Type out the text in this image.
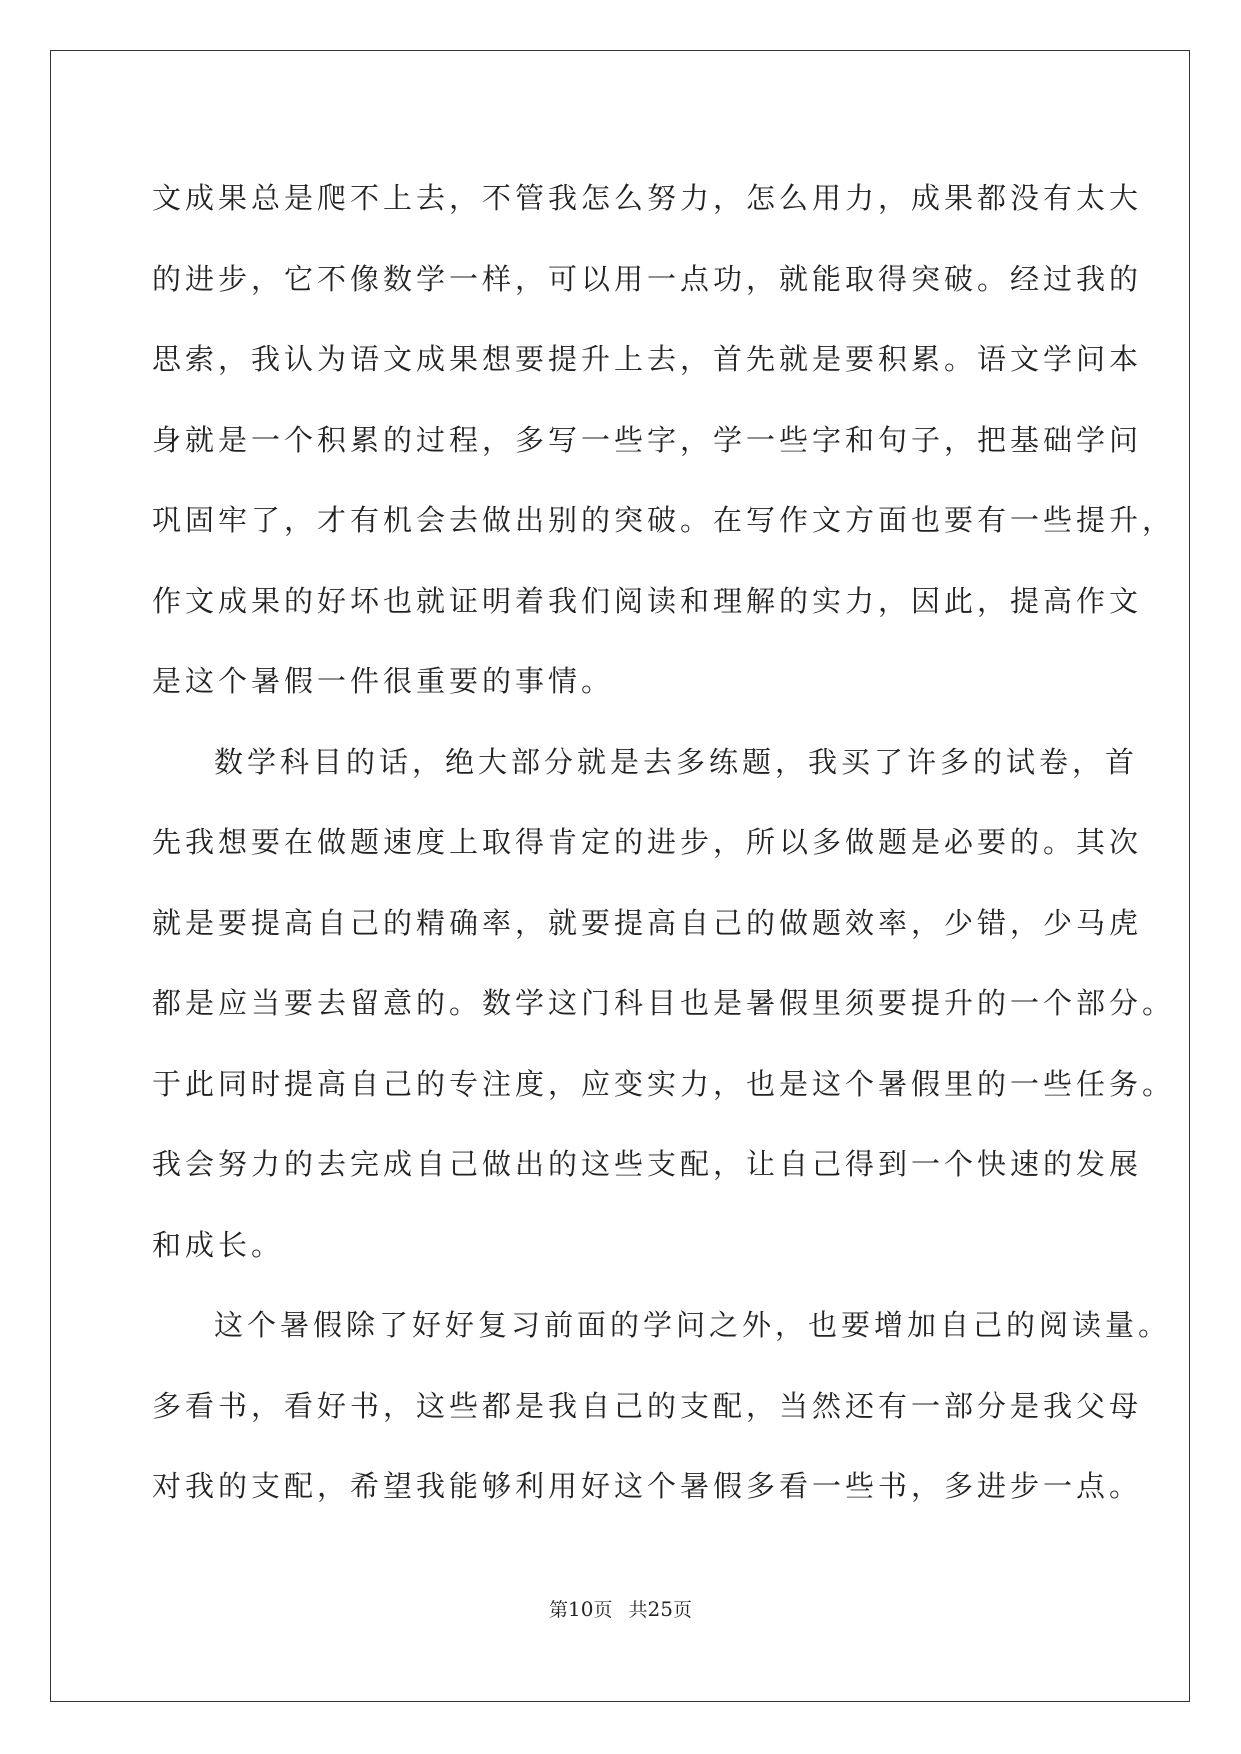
文成果总是爬不上去，不管我怎么努力，怎么用力，成果都没有太大
的进步，它不像数学一样，可以用一点功，就能取得突破。经过我的
思索，我认为语文成果想要提升上去，首先就是要积累。语文学问本
身就是一个积累的过程，多写一些字，学一些字和句子，把基础学问
巩固牢了，才有机会去做出别的突破。在写作文方面也要有一些提升，
作文成果的好坏也就证明着我们阅读和理解的实力，因此，提高作文
是这个暑假一件很重要的事情。
数学科目的话，绝大部分就是去多练题，我买了许多的试卷，首
先我想要在做题速度上取得肯定的进步，所以多做题是必要的。其次
就是要提高自己的精确率，就要提高自己的做题效率，少错，少马虎
都是应当要去留意的。数学这门科目也是暑假里须要提升的一个部分。
于此同时提高自己的专注度，应变实力，也是这个暑假里的一些任务。
我会努力的去完成自己做出的这些支配，让自己得到一个快速的发展
和成长。
这个暑假除了好好复习前面的学问之外，也要增加自己的阅读量。
多看书，看好书，这些都是我自己的支配，当然还有一部分是我父母
对我的支配，希望我能够利用好这个暑假多看一些书，多进步一点。
第10页 共25页
